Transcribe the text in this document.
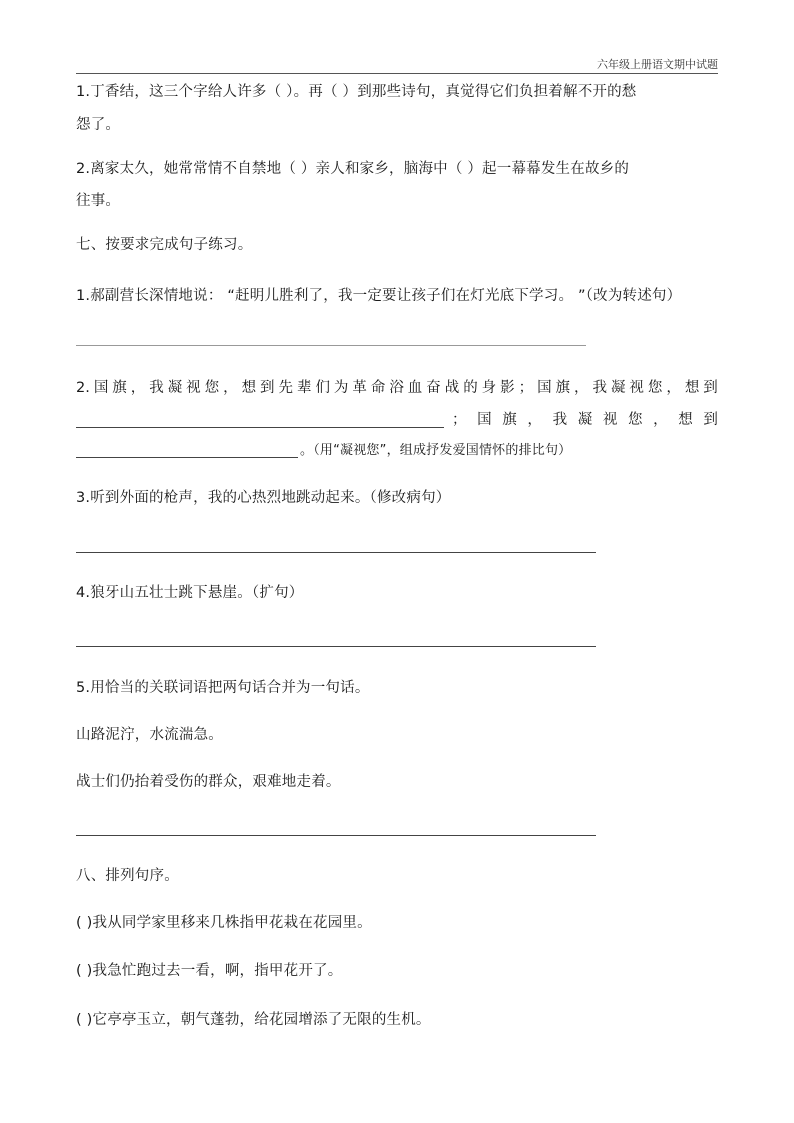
六年级上册语文期中试题
1.丁香结，这三个字给人许多（ ）。再（ ）到那些诗句，真觉得它们负担着解不开的愁
怨了。
2.离家太久，她常常情不自禁地（ ）亲人和家乡，脑海中（ ）起一幕幕发生在故乡的
往事。
七、按要求完成句子练习。
1.郝副营长深情地说： “赶明儿胜利了，我一定要让孩子们在灯光底下学习。 ”（改为转述句）
2. 国 旗 ， 我 凝 视 您 ， 想 到 先 辈 们 为 革 命 浴 血 奋 战 的 身 影 ； 国 旗 ， 我 凝 视 您 ， 想 到
； 国 旗 ， 我 凝 视 您 ， 想 到
。（用“凝视您”，组成抒发爱国情怀的排比句）
3.听到外面的枪声，我的心热烈地跳动起来。（修改病句）
4.狼牙山五壮士跳下悬崖。（扩句）
5.用恰当的关联词语把两句话合并为一句话。
山路泥泞，水流湍急。
战士们仍抬着受伤的群众，艰难地走着。
八、排列句序。
( )我从同学家里移来几株指甲花栽在花园里。
( )我急忙跑过去一看，啊，指甲花开了。
( )它亭亭玉立，朝气蓬勃，给花园增添了无限的生机。
